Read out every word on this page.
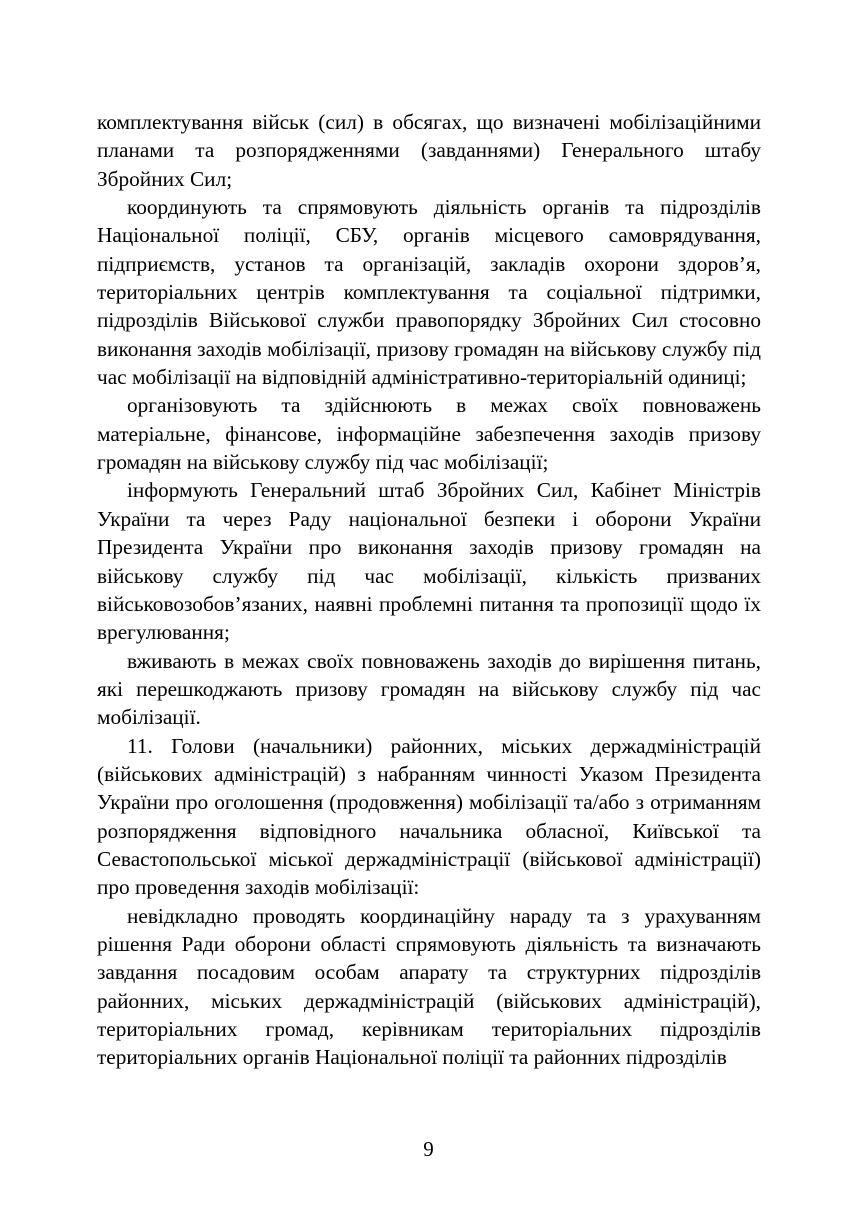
комплектування військ (сил) в обсягах, що визначені мобілізаційними планами та розпорядженнями (завданнями) Генерального штабу Збройних Сил;

координують та спрямовують діяльність органів та підрозділів Національної поліції, СБУ, органів місцевого самоврядування, підприємств, установ та організацій, закладів охорони здоров’я, територіальних центрів комплектування та соціальної підтримки, підрозділів Військової служби правопорядку Збройних Сил стосовно виконання заходів мобілізації, призову громадян на військову службу під час мобілізації на відповідній адміністративно-територіальній одиниці;

організовують та здійснюють в межах своїх повноважень матеріальне, фінансове, інформаційне забезпечення заходів призову громадян на військову службу під час мобілізації;

інформують Генеральний штаб Збройних Сил, Кабінет Міністрів України та через Раду національної безпеки і оборони України Президента України про виконання заходів призову громадян на військову службу під час мобілізації, кількість призваних військовозобов’язаних, наявні проблемні питання та пропозиції щодо їх врегулювання;

вживають в межах своїх повноважень заходів до вирішення питань, які перешкоджають призову громадян на військову службу під час мобілізації.

11. Голови (начальники) районних, міських держадміністрацій (військових адміністрацій) з набранням чинності Указом Президента України про оголошення (продовження) мобілізації та/або з отриманням розпорядження відповідного начальника обласної, Київської та Севастопольської міської держадміністрації (військової адміністрації) про проведення заходів мобілізації:

невідкладно проводять координаційну нараду та з урахуванням рішення Ради оборони області спрямовують діяльність та визначають завдання посадовим особам апарату та структурних підрозділів районних, міських держадміністрацій (військових адміністрацій), територіальних громад, керівникам територіальних підрозділів територіальних органів Національної поліції та районних підрозділів

9
